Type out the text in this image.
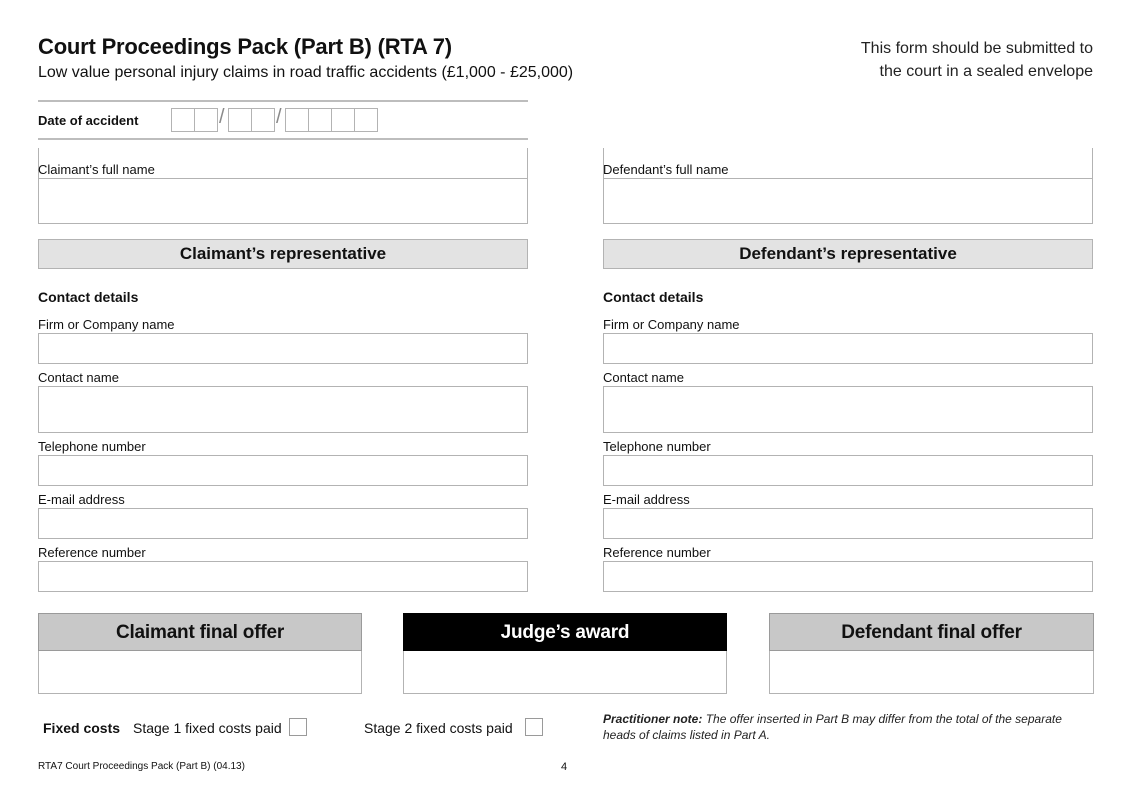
Court Proceedings Pack (Part B) (RTA 7)
Low value personal injury claims in road traffic accidents (£1,000 - £25,000)
This form should be submitted to
the court in a sealed envelope
Date of accident	/	/
Claimant’s full name	Defendant’s full name
Claimant’s representative	Defendant’s representative
Contact details
Firm or Company name
Contact name
Telephone number
E-mail address
Reference number
Contact details
Firm or Company name
Contact name
Telephone number
E-mail address
Reference number
Claimant final offer	Judge’s award	Defendant final offer
Fixed costs Stage 1 fixed costs paid	Stage 2 fixed costs paid
Practitioner note: The offer inserted in Part B may differ from the total of the separate heads of claims listed in Part A.
RTA7 Court Proceedings Pack (Part B) (04.13)	4
